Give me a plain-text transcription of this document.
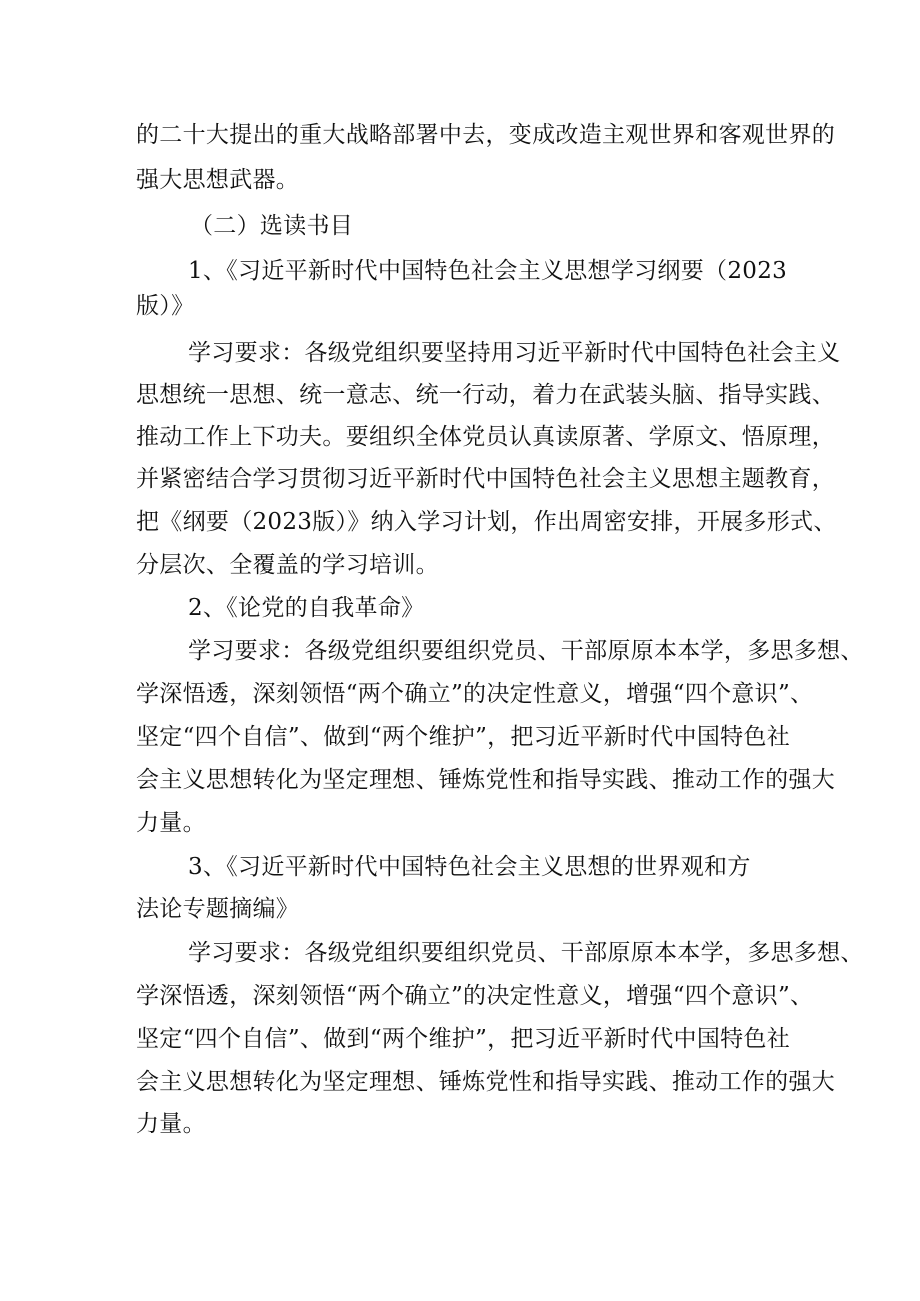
的二十大提出的重大战略部署中去，变成改造主观世界和客观世界的
强大思想武器。
（二）选读书目
1、《习近平新时代中国特色社会主义思想学习纲要（2023
版）》
学习要求：各级党组织要坚持用习近平新时代中国特色社会主义
思想统一思想、统一意志、统一行动，着力在武装头脑、指导实践、
推动工作上下功夫。要组织全体党员认真读原著、学原文、悟原理，
并紧密结合学习贯彻习近平新时代中国特色社会主义思想主题教育，
把《纲要（2023版）》纳入学习计划，作出周密安排，开展多形式、
分层次、全覆盖的学习培训。
2、《论党的自我革命》
学习要求：各级党组织要组织党员、干部原原本本学，多思多想、
学深悟透，深刻领悟“两个确立”的决定性意义，增强“四个意识”、
坚定“四个自信”、做到“两个维护”，把习近平新时代中国特色社
会主义思想转化为坚定理想、锤炼党性和指导实践、推动工作的强大
力量。
3、《习近平新时代中国特色社会主义思想的世界观和方
法论专题摘编》
学习要求：各级党组织要组织党员、干部原原本本学，多思多想、
学深悟透，深刻领悟“两个确立”的决定性意义，增强“四个意识”、
坚定“四个自信”、做到“两个维护”，把习近平新时代中国特色社
会主义思想转化为坚定理想、锤炼党性和指导实践、推动工作的强大
力量。
